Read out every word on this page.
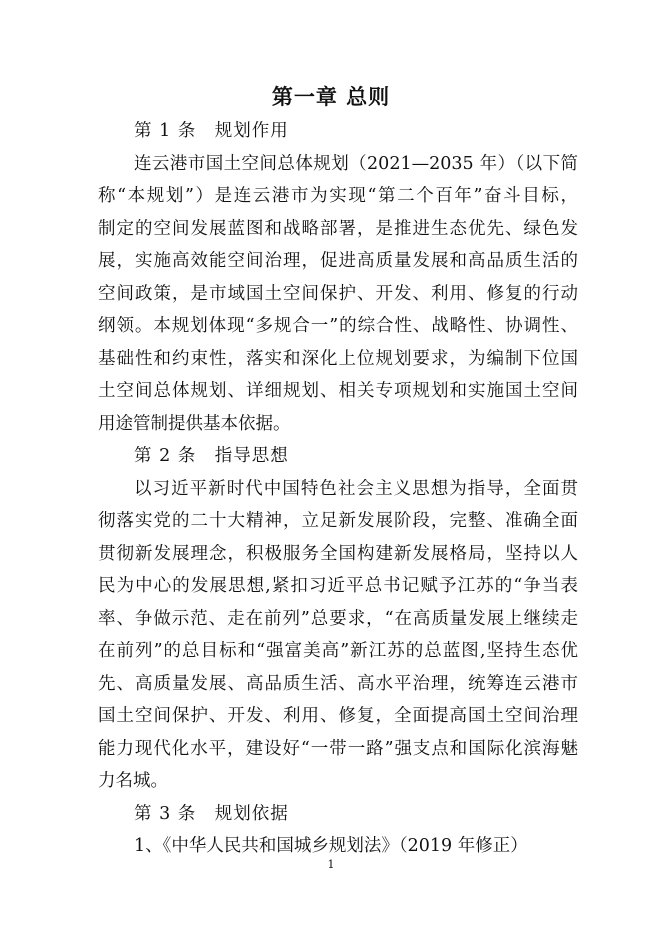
第一章 总则
第 1 条　规划作用
连云港市国土空间总体规划（2021—2035 年）（以下简
称“本规划”）是连云港市为实现“第二个百年”奋斗目标，
制定的空间发展蓝图和战略部署，是推进生态优先、绿色发
展，实施高效能空间治理，促进高质量发展和高品质生活的
空间政策，是市域国土空间保护、开发、利用、修复的行动
纲领。本规划体现“多规合一”的综合性、战略性、协调性、
基础性和约束性，落实和深化上位规划要求，为编制下位国
土空间总体规划、详细规划、相关专项规划和实施国土空间
用途管制提供基本依据。
第 2 条　指导思想
以习近平新时代中国特色社会主义思想为指导，全面贯
彻落实党的二十大精神，立足新发展阶段，完整、准确全面
贯彻新发展理念，积极服务全国构建新发展格局，坚持以人
民为中心的发展思想,紧扣习近平总书记赋予江苏的“争当表
率、争做示范、走在前列”总要求，“在高质量发展上继续走
在前列”的总目标和“强富美高”新江苏的总蓝图,坚持生态优
先、高质量发展、高品质生活、高水平治理，统筹连云港市
国土空间保护、开发、利用、修复，全面提高国土空间治理
能力现代化水平，建设好“一带一路”强支点和国际化滨海魅
力名城。
第 3 条　规划依据
1、《中华人民共和国城乡规划法》（2019 年修正）
1
